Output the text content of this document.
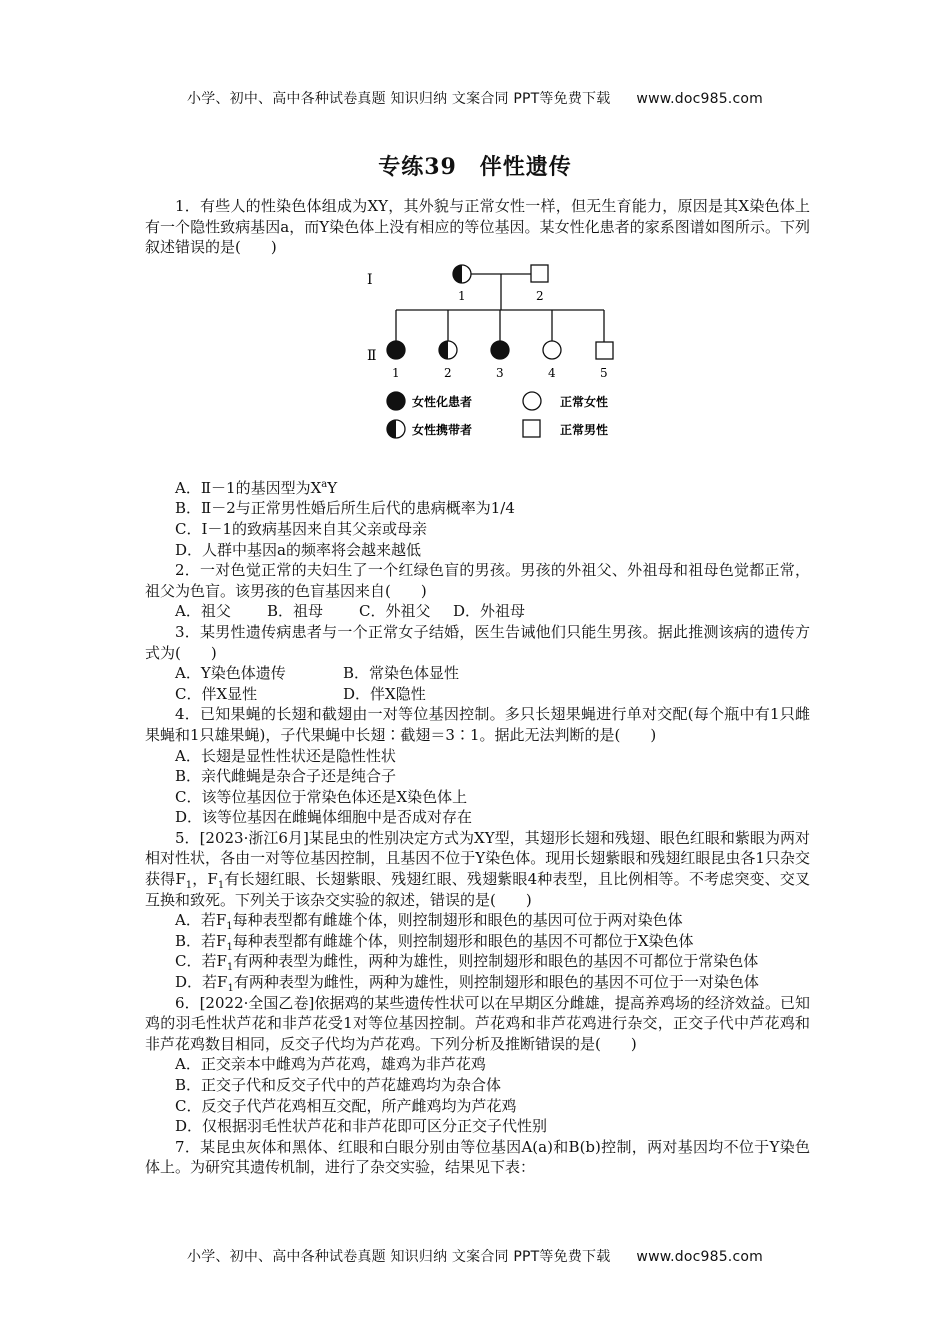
小学、初中、高中各种试卷真题 知识归纳 文案合同 PPT等免费下载 www.doc985.com
专练39　伴性遗传

1．有些人的性染色体组成为XY，其外貌与正常女性一样，但无生育能力，原因是其X染色体上有一个隐性致病基因a，而Y染色体上没有相应的等位基因。某女性化患者的家系图谱如图所示。下列叙述错误的是(　　)

Ⅰ
Ⅱ
1	2
1	2	3	4	5
女性化患者	正常女性
女性携带者	正常男性

A．Ⅱ－1的基因型为$X^aY$

B．Ⅱ－2与正常男性婚后所生后代的患病概率为1/4

C．Ⅰ－1的致病基因来自其父亲或母亲

D．人群中基因a的频率将会越来越低

2．一对色觉正常的夫妇生了一个红绿色盲的男孩。男孩的外祖父、外祖母和祖母色觉都正常，祖父为色盲。该男孩的色盲基因来自(　　)

A．祖父	B．祖母	C．外祖父	D．外祖母

3．某男性遗传病患者与一个正常女子结婚，医生告诫他们只能生男孩。据此推测该病的遗传方式为(　　)

A．Y染色体遗传	B．常染色体显性

C．伴X显性	D．伴X隐性

4．已知果蝇的长翅和截翅由一对等位基因控制。多只长翅果蝇进行单对交配(每个瓶中有1只雌果蝇和1只雄果蝇)，子代果蝇中长翅∶截翅＝3∶1。据此无法判断的是(　　)

A．长翅是显性性状还是隐性性状

B．亲代雌蝇是杂合子还是纯合子

C．该等位基因位于常染色体还是X染色体上

D．该等位基因在雌蝇体细胞中是否成对存在

5．[2023·浙江6月]某昆虫的性别决定方式为XY型，其翅形长翅和残翅、眼色红眼和紫眼为两对相对性状，各由一对等位基因控制，且基因不位于Y染色体。现用长翅紫眼和残翅红眼昆虫各1只杂交获得$F_1$，$F_1$有长翅红眼、长翅紫眼、残翅红眼、残翅紫眼4种表型，且比例相等。不考虑突变、交叉互换和致死。下列关于该杂交实验的叙述，错误的是(　　)

A．若$F_1$每种表型都有雌雄个体，则控制翅形和眼色的基因可位于两对染色体

B．若$F_1$每种表型都有雌雄个体，则控制翅形和眼色的基因不可都位于X染色体

C．若$F_1$有两种表型为雌性，两种为雄性，则控制翅形和眼色的基因不可都位于常染色体

D．若$F_1$有两种表型为雌性，两种为雄性，则控制翅形和眼色的基因不可位于一对染色体

6．[2022·全国乙卷]依据鸡的某些遗传性状可以在早期区分雌雄，提高养鸡场的经济效益。已知鸡的羽毛性状芦花和非芦花受1对等位基因控制。芦花鸡和非芦花鸡进行杂交，正交子代中芦花鸡和非芦花鸡数目相同，反交子代均为芦花鸡。下列分析及推断错误的是(　　)

A．正交亲本中雌鸡为芦花鸡，雄鸡为非芦花鸡

B．正交子代和反交子代中的芦花雄鸡均为杂合体

C．反交子代芦花鸡相互交配，所产雌鸡均为芦花鸡

D．仅根据羽毛性状芦花和非芦花即可区分正交子代性别

7．某昆虫灰体和黑体、红眼和白眼分别由等位基因A(a)和B(b)控制，两对基因均不位于Y染色体上。为研究其遗传机制，进行了杂交实验，结果见下表：

小学、初中、高中各种试卷真题 知识归纳 文案合同 PPT等免费下载 www.doc985.com
